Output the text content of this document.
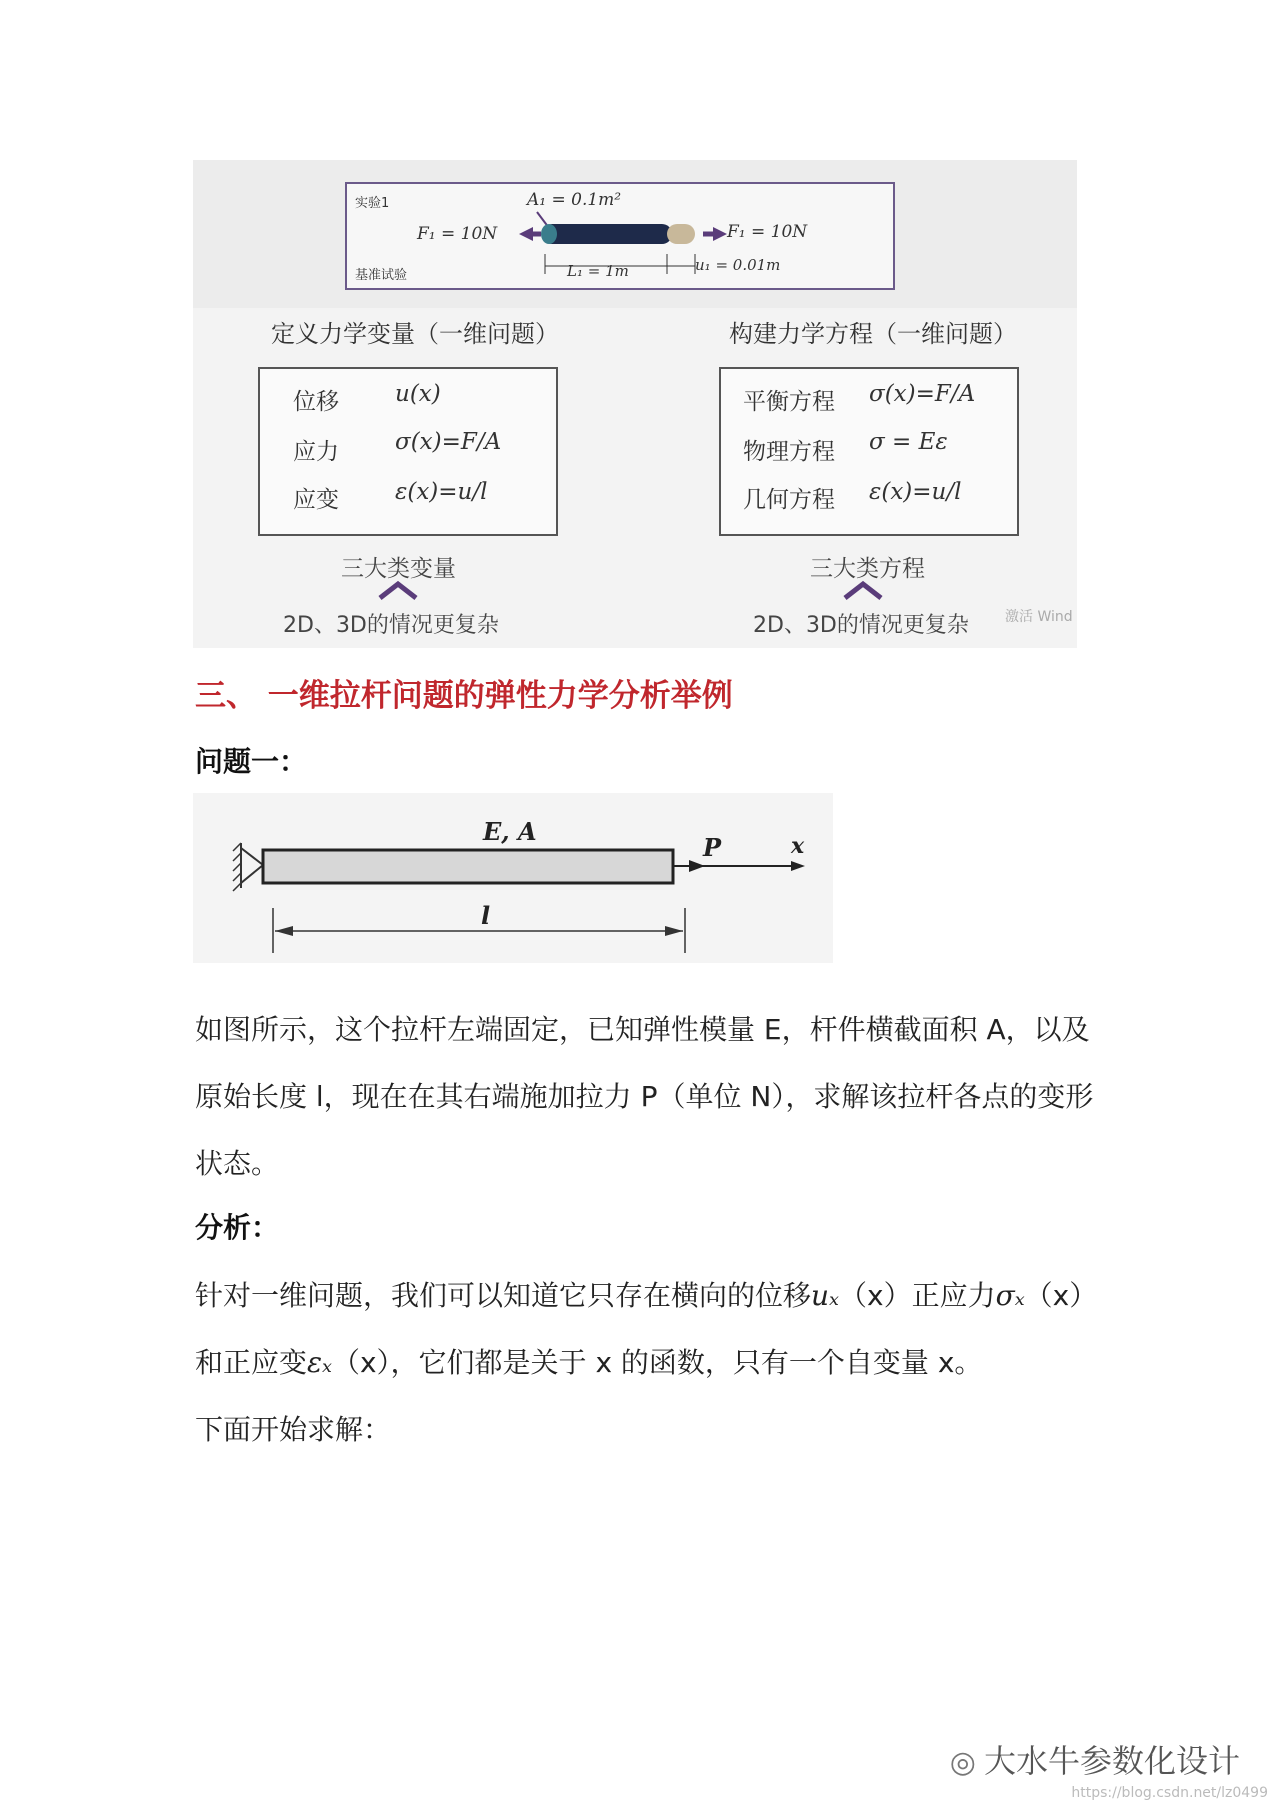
实验1
基准试验
A₁ = 0.1m²
F₁ = 10N	F₁ = 10N
L₁ = 1m	u₁ = 0.01m
定义力学变量（一维问题）	构建力学方程（一维问题）
位移 u(x)
应力 σ(x)=F/A
应变 ε(x)=u/l
平衡方程 σ(x)=F/A
物理方程 σ = Eε
几何方程 ε(x)=u/l
三大类变量	三大类方程
2D、3D的情况更复杂	2D、3D的情况更复杂	激活 Wind
三、 一维拉杆问题的弹性力学分析举例
问题一：
E, A
P	x
l
如图所示，这个拉杆左端固定，已知弹性模量 E，杆件横截面积 A，以及原始长度 l，现在在其右端施加拉力 P（单位 N），求解该拉杆各点的变形状态。
分析：
针对一维问题，我们可以知道它只存在横向的位移uₓ（x）正应力σₓ（x）和正应变εₓ（x），它们都是关于 x 的函数，只有一个自变量 x。
下面开始求解：
◎ 大水牛参数化设计
https://blog.csdn.net/lz0499
